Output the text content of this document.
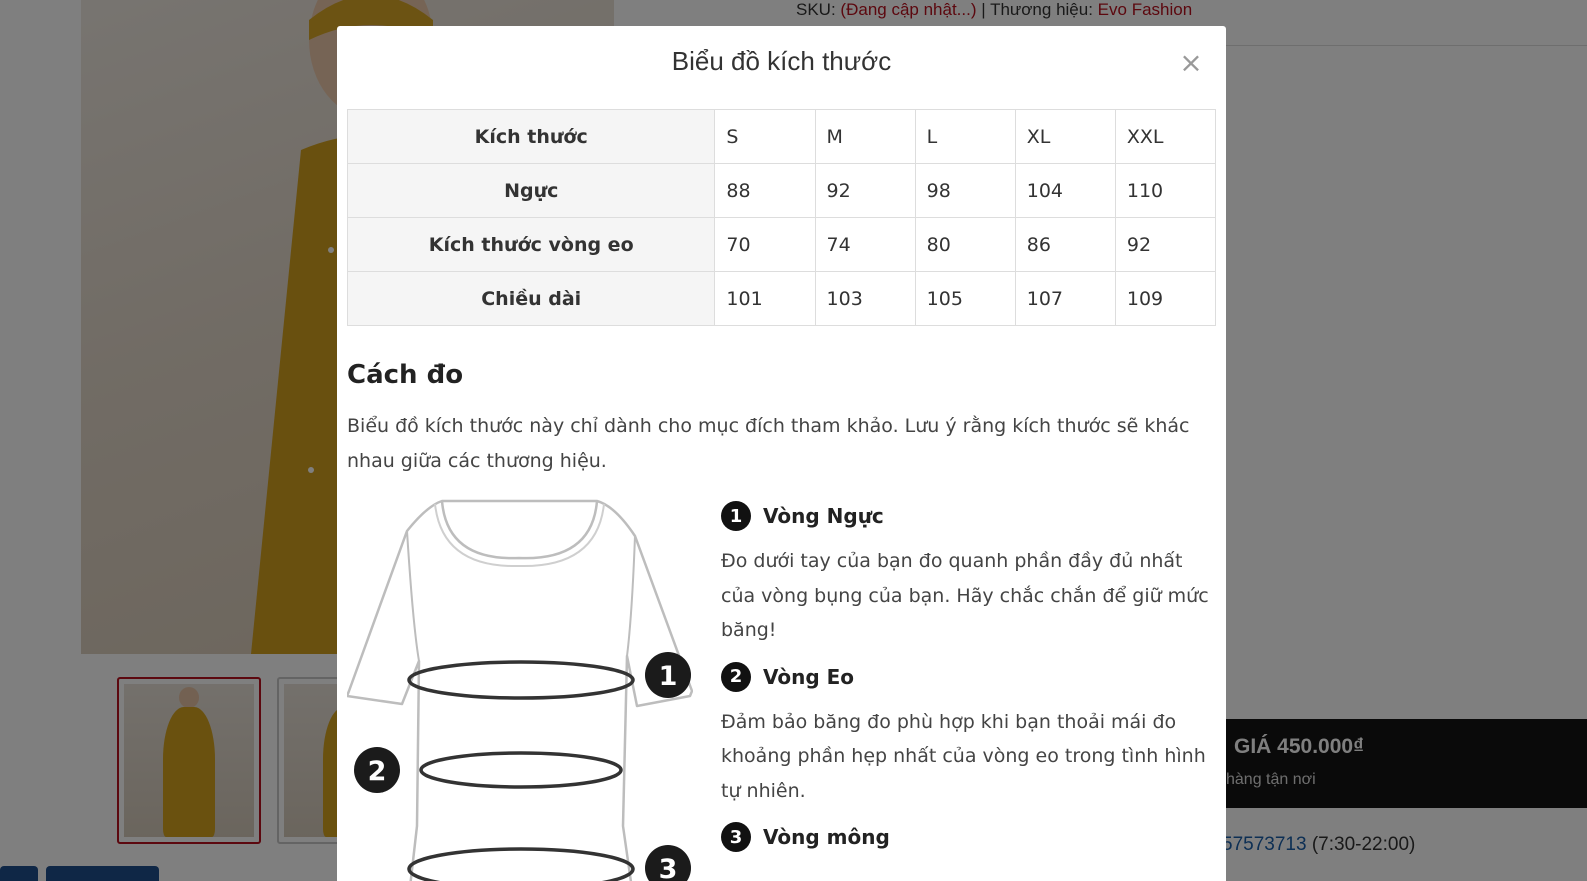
Biểu đồ kích thước	×
Kích thước	S	M	L	XL	XXL
Ngực	88	92	98	104	110
Kích thước vòng eo	70	74	80	86	92
Chiều dài	101	103	105	107	109
Cách đo
Biểu đồ kích thước này chỉ dành cho mục đích tham khảo. Lưu ý rằng kích thước sẽ khác nhau giữa các thương hiệu.
1
2
3
1	Vòng Ngực
Đo dưới tay của bạn đo quanh phần đầy đủ nhất của vòng bụng của bạn. Hãy chắc chắn để giữ mức băng!
2	Vòng Eo
Đảm bảo băng đo phù hợp khi bạn thoải mái đo khoảng phần hẹp nhất của vòng eo trong tình hình tự nhiên.
3	Vòng mông
